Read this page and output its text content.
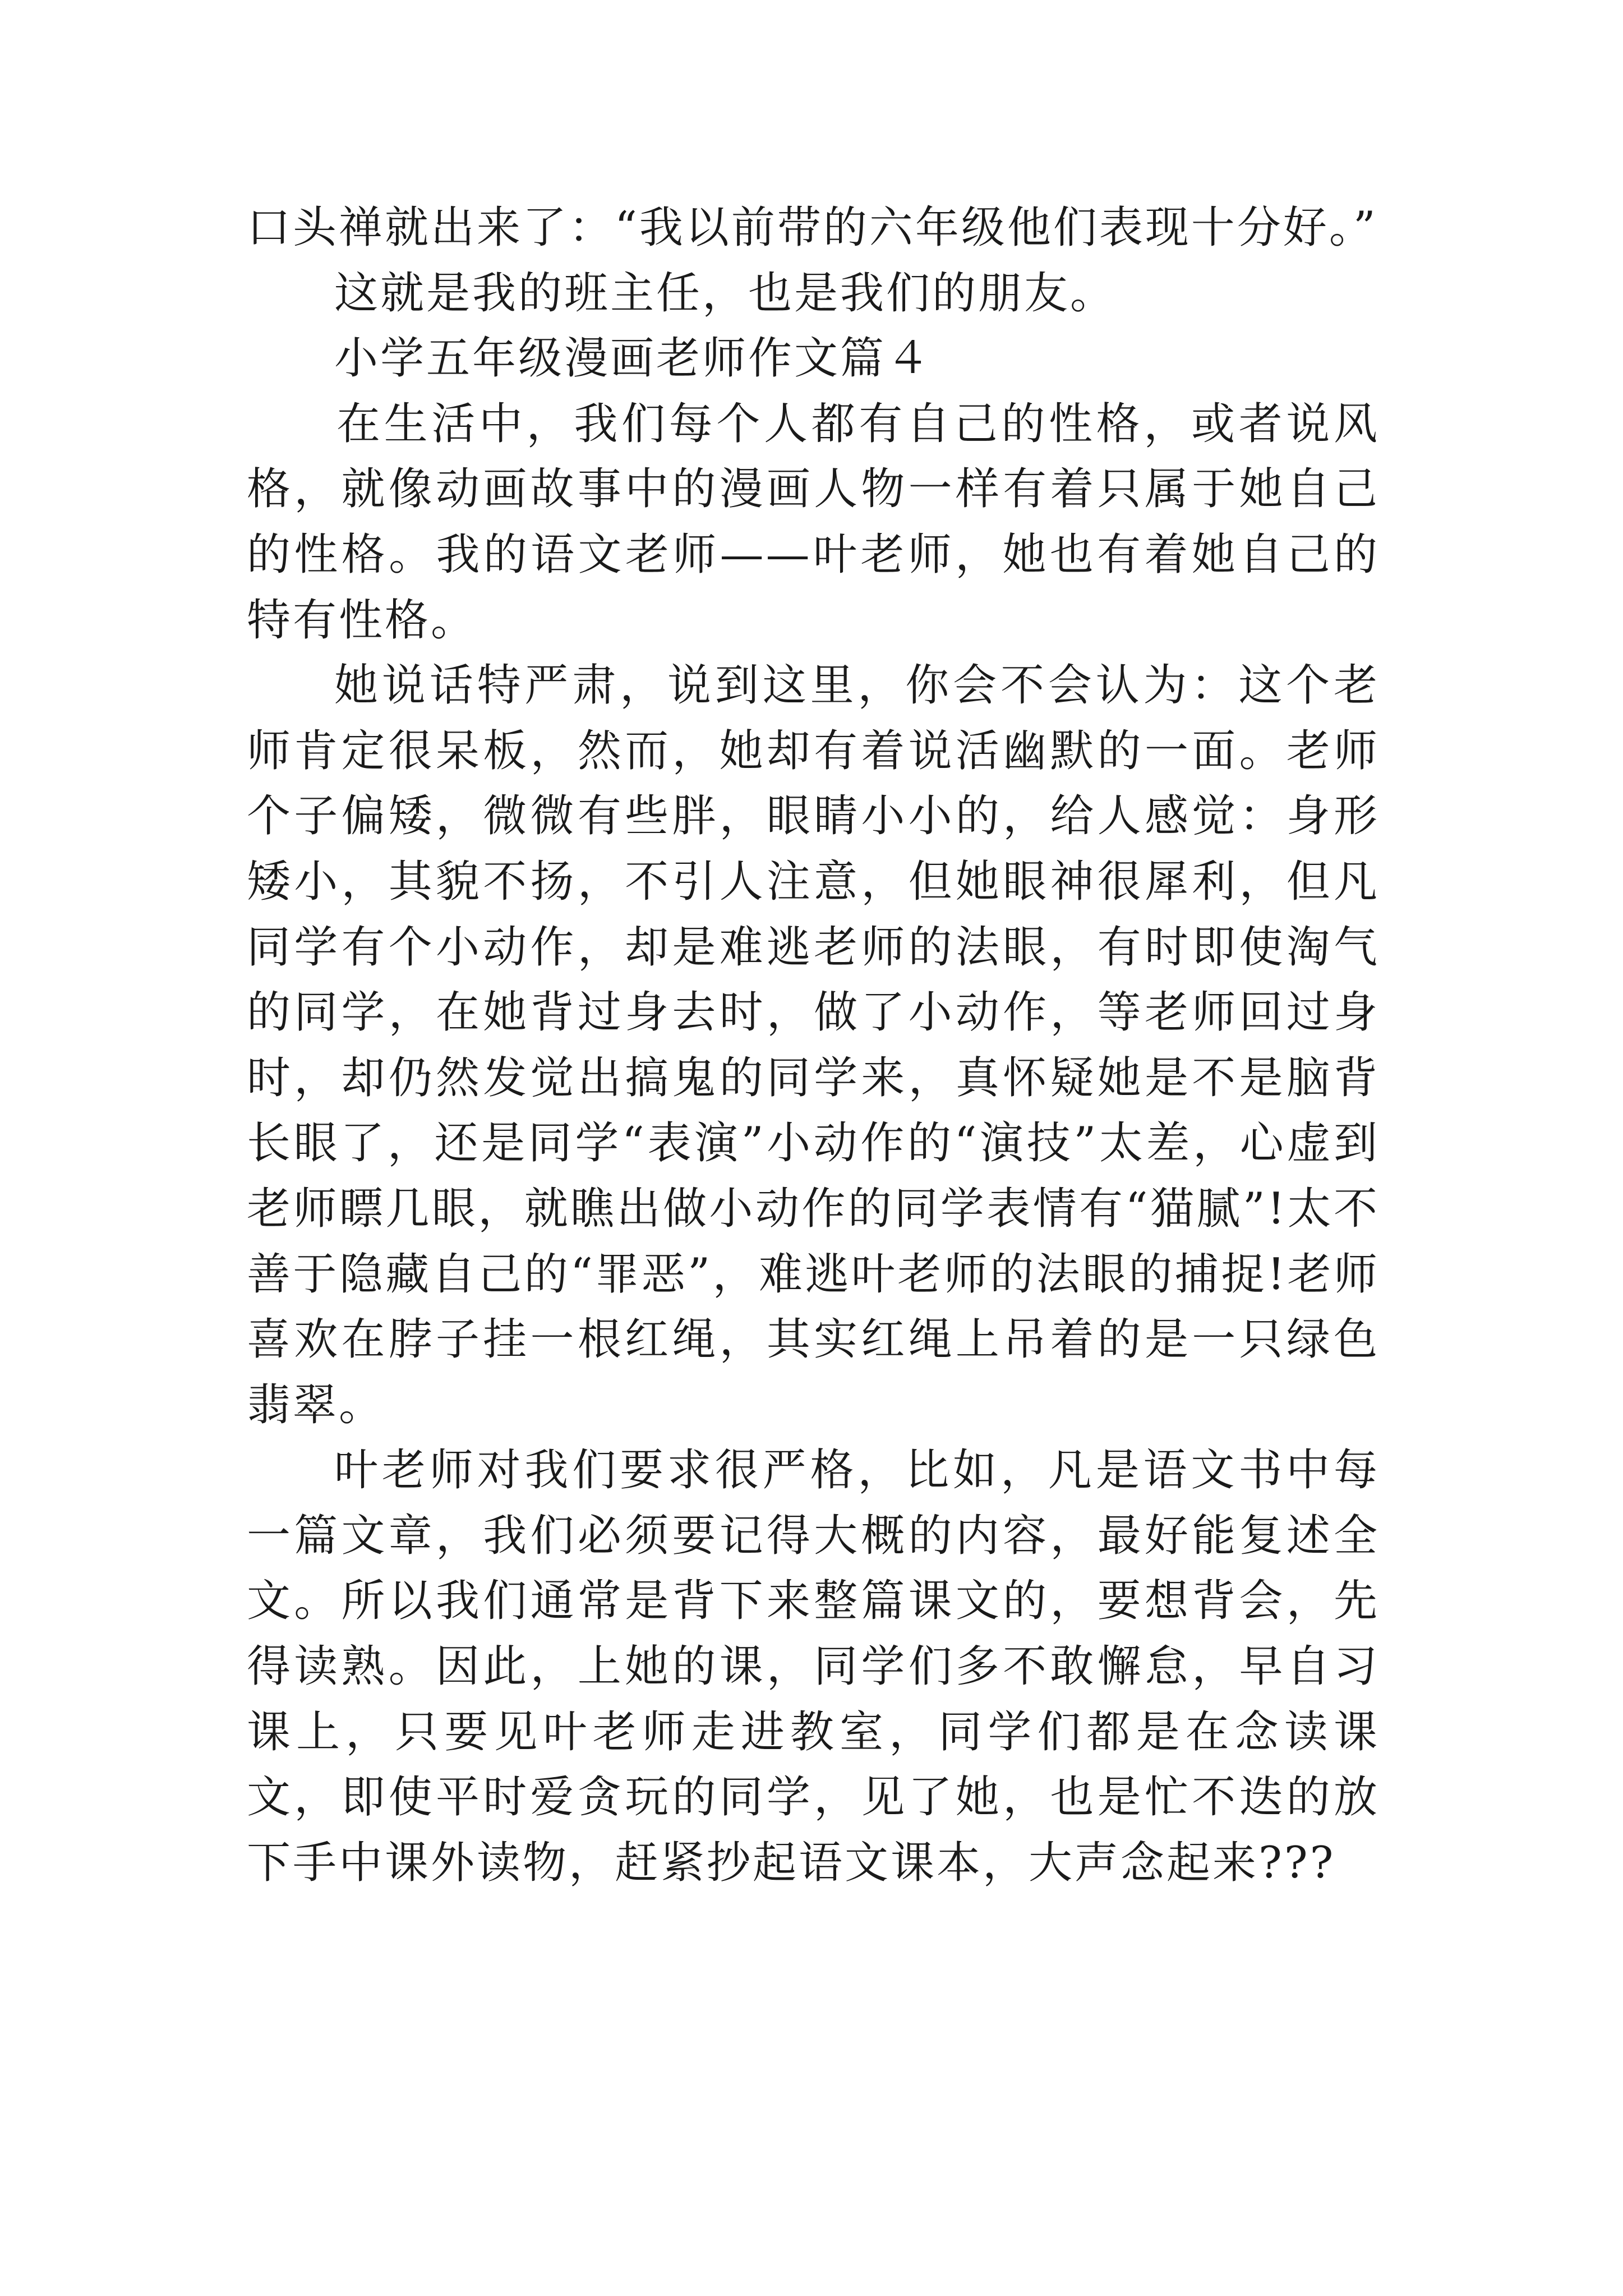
口头禅就出来了：“我以前带的六年级他们表现十分好。”

这就是我的班主任，也是我们的朋友。

小学五年级漫画老师作文篇４

在生活中，我们每个人都有自己的性格，或者说风格，就像动画故事中的漫画人物一样有着只属于她自己的性格。我的语文老师——叶老师，她也有着她自己的特有性格。

她说话特严肃，说到这里，你会不会认为：这个老师肯定很呆板，然而，她却有着说活幽默的一面。老师个子偏矮，微微有些胖，眼睛小小的，给人感觉：身形矮小，其貌不扬，不引人注意，但她眼神很犀利，但凡同学有个小动作，却是难逃老师的法眼，有时即使淘气的同学，在她背过身去时，做了小动作，等老师回过身时，却仍然发觉出搞鬼的同学来，真怀疑她是不是脑背长眼了，还是同学“表演”小动作的“演技”太差，心虚到老师瞟几眼，就瞧出做小动作的同学表情有“猫腻”!太不善于隐藏自己的“罪恶”，难逃叶老师的法眼的捕捉!老师喜欢在脖子挂一根红绳，其实红绳上吊着的是一只绿色翡翠。

叶老师对我们要求很严格，比如，凡是语文书中每一篇文章，我们必须要记得大概的内容，最好能复述全文。所以我们通常是背下来整篇课文的，要想背会，先得读熟。因此，上她的课，同学们多不敢懈怠，早自习课上，只要见叶老师走进教室，同学们都是在念读课文，即使平时爱贪玩的同学，见了她，也是忙不迭的放下手中课外读物，赶紧抄起语文课本，大声念起来???
